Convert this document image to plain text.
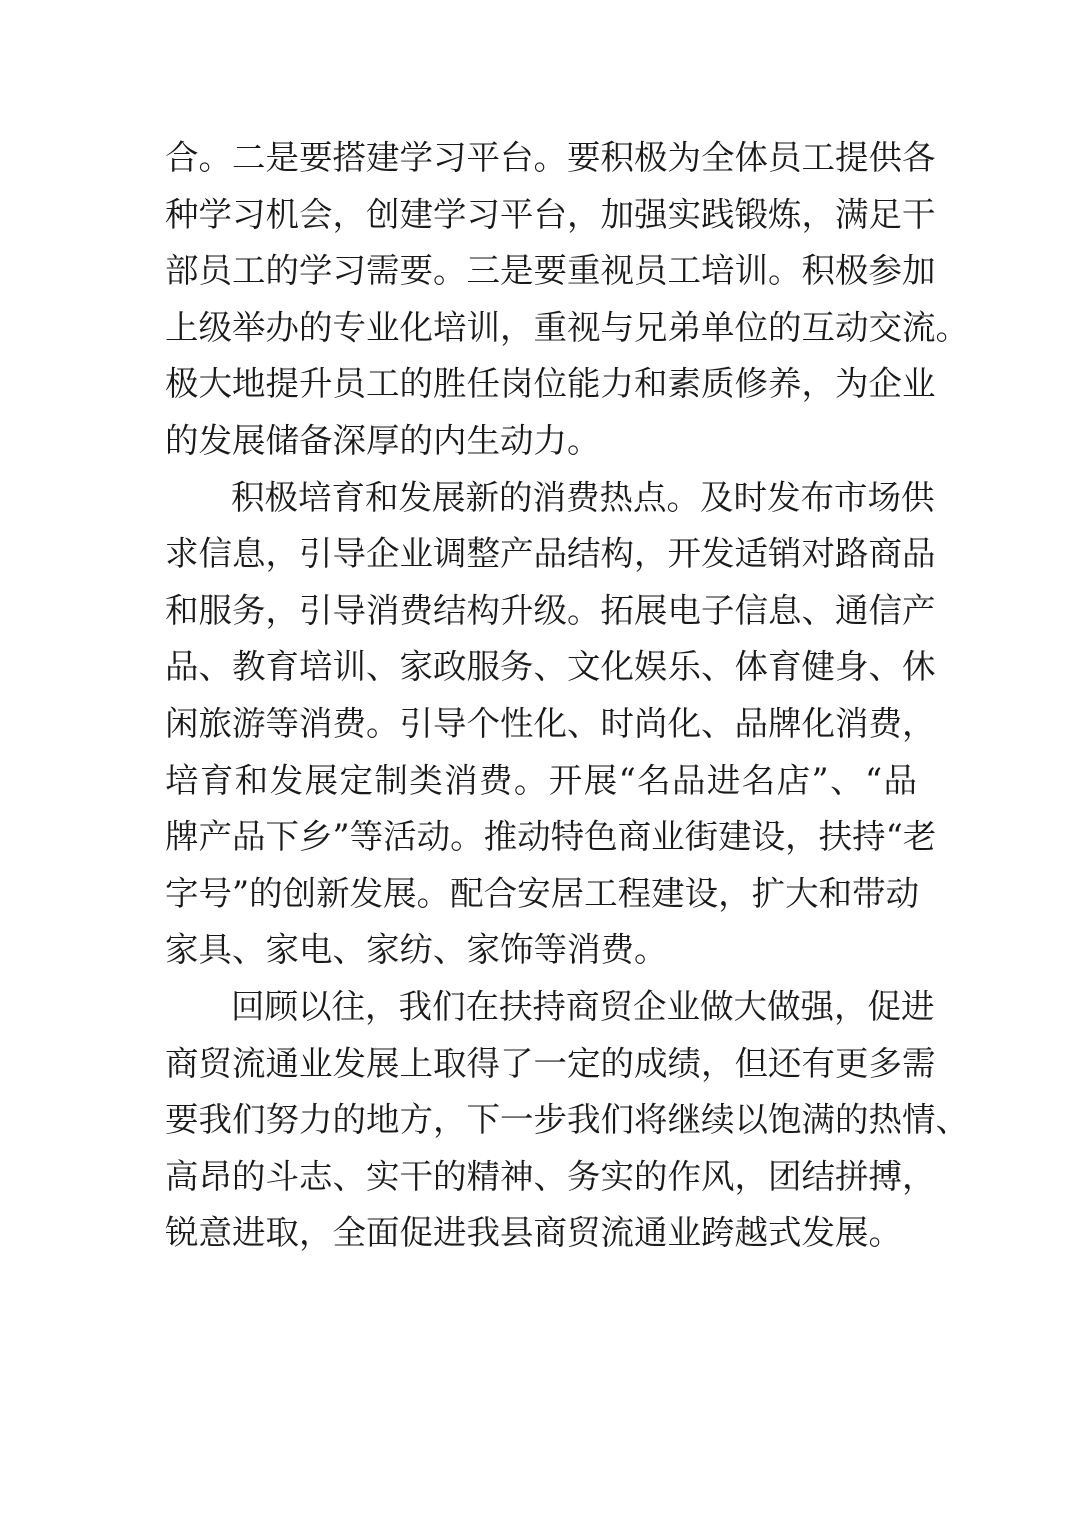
合。二是要搭建学习平台。要积极为全体员工提供各
种学习机会，创建学习平台，加强实践锻炼，满足干
部员工的学习需要。三是要重视员工培训。积极参加
上级举办的专业化培训，重视与兄弟单位的互动交流。
极大地提升员工的胜任岗位能力和素质修养，为企业
的发展储备深厚的内生动力。
积极培育和发展新的消费热点。及时发布市场供
求信息，引导企业调整产品结构，开发适销对路商品
和服务，引导消费结构升级。拓展电子信息、通信产
品、教育培训、家政服务、文化娱乐、体育健身、休
闲旅游等消费。引导个性化、时尚化、品牌化消费，
培育和发展定制类消费。开展“名品进名店”、“品
牌产品下乡”等活动。推动特色商业街建设，扶持“老
字号”的创新发展。配合安居工程建设，扩大和带动
家具、家电、家纺、家饰等消费。
回顾以往，我们在扶持商贸企业做大做强，促进
商贸流通业发展上取得了一定的成绩，但还有更多需
要我们努力的地方，下一步我们将继续以饱满的热情、
高昂的斗志、实干的精神、务实的作风，团结拼搏，
锐意进取，全面促进我县商贸流通业跨越式发展。
